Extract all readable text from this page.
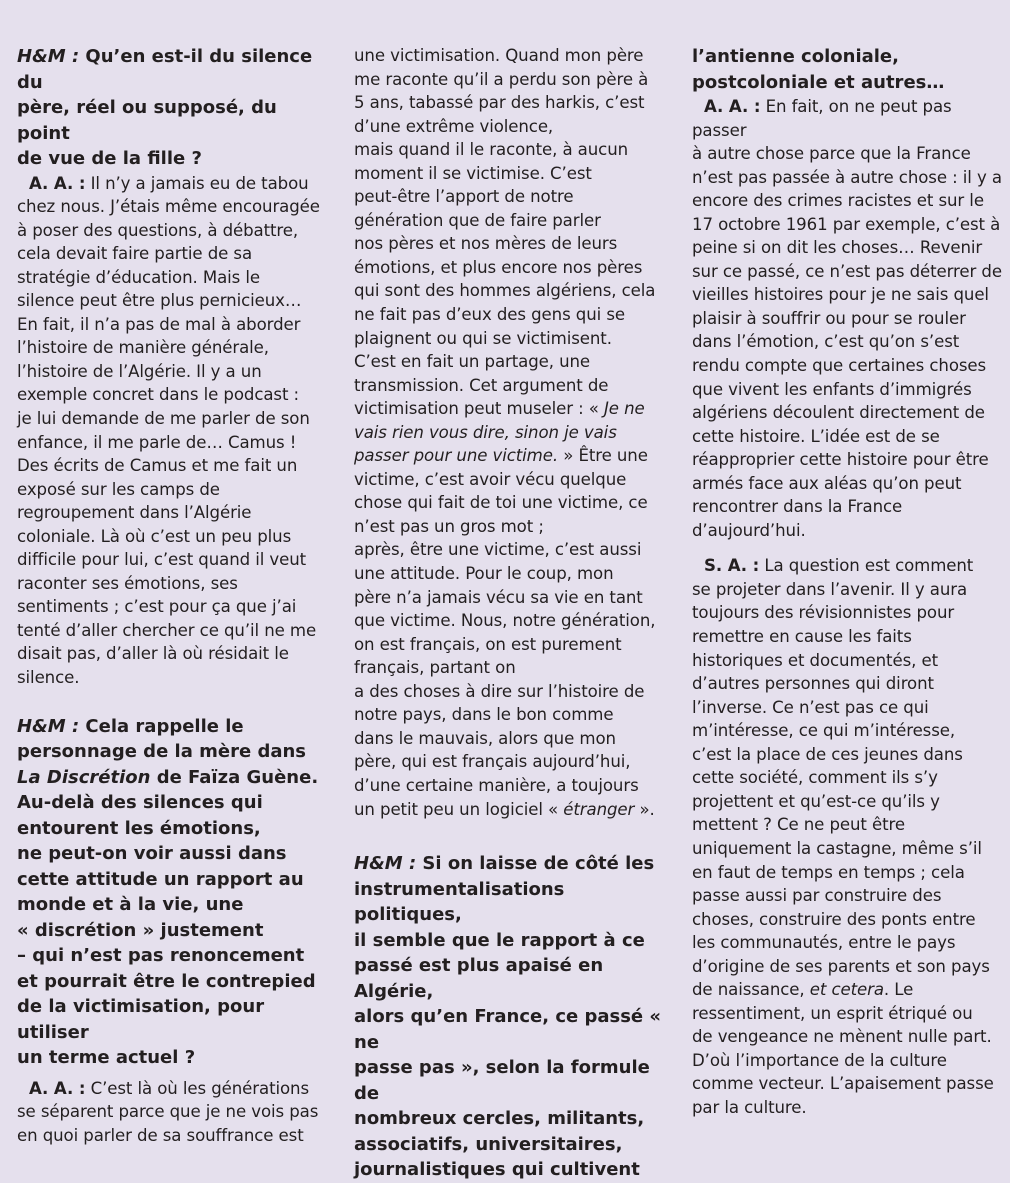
H&M : Qu’en est-il du silence du
père, réel ou supposé, du point
de vue de la fille ?

A. A. : Il n’y a jamais eu de tabou
chez nous. J’étais même encouragée
à poser des questions, à débattre,
cela devait faire partie de sa
stratégie d’éducation. Mais le
silence peut être plus pernicieux…
En fait, il n’a pas de mal à aborder
l’histoire de manière générale,
l’histoire de l’Algérie. Il y a un
exemple concret dans le podcast :
je lui demande de me parler de son
enfance, il me parle de… Camus !
Des écrits de Camus et me fait un
exposé sur les camps de
regroupement dans l’Algérie
coloniale. Là où c’est un peu plus
difficile pour lui, c’est quand il veut
raconter ses émotions, ses
sentiments ; c’est pour ça que j’ai
tenté d’aller chercher ce qu’il ne me
disait pas, d’aller là où résidait le
silence.

H&M : Cela rappelle le
personnage de la mère dans
La Discrétion de Faïza Guène.
Au-delà des silences qui
entourent les émotions,
ne peut-on voir aussi dans
cette attitude un rapport au
monde et à la vie, une
« discrétion » justement
– qui n’est pas renoncement
et pourrait être le contrepied
de la victimisation, pour utiliser
un terme actuel ?

A. A. : C’est là où les générations
se séparent parce que je ne vois pas
en quoi parler de sa souffrance est

une victimisation. Quand mon père
me raconte qu’il a perdu son père à
5 ans, tabassé par des harkis, c’est
d’une extrême violence,
mais quand il le raconte, à aucun
moment il se victimise. C’est
peut-être l’apport de notre
génération que de faire parler
nos pères et nos mères de leurs
émotions, et plus encore nos pères
qui sont des hommes algériens, cela
ne fait pas d’eux des gens qui se
plaignent ou qui se victimisent.
C’est en fait un partage, une
transmission. Cet argument de
victimisation peut museler : « Je ne
vais rien vous dire, sinon je vais
passer pour une victime. » Être une
victime, c’est avoir vécu quelque
chose qui fait de toi une victime, ce
n’est pas un gros mot ;
après, être une victime, c’est aussi
une attitude. Pour le coup, mon
père n’a jamais vécu sa vie en tant
que victime. Nous, notre génération,
on est français, on est purement
français, partant on
a des choses à dire sur l’histoire de
notre pays, dans le bon comme
dans le mauvais, alors que mon
père, qui est français aujourd’hui,
d’une certaine manière, a toujours
un petit peu un logiciel « étranger ».

H&M : Si on laisse de côté les
instrumentalisations politiques,
il semble que le rapport à ce
passé est plus apaisé en Algérie,
alors qu’en France, ce passé « ne
passe pas », selon la formule de
nombreux cercles, militants,
associatifs, universitaires,
journalistiques qui cultivent

l’antienne coloniale,
postcoloniale et autres…

A. A. : En fait, on ne peut pas passer
à autre chose parce que la France
n’est pas passée à autre chose : il y a
encore des crimes racistes et sur le
17 octobre 1961 par exemple, c’est à
peine si on dit les choses… Revenir
sur ce passé, ce n’est pas déterrer de
vieilles histoires pour je ne sais quel
plaisir à souffrir ou pour se rouler
dans l’émotion, c’est qu’on s’est
rendu compte que certaines choses
que vivent les enfants d’immigrés
algériens découlent directement de
cette histoire. L’idée est de se
réapproprier cette histoire pour être
armés face aux aléas qu’on peut
rencontrer dans la France
d’aujourd’hui.

S. A. : La question est comment
se projeter dans l’avenir. Il y aura
toujours des révisionnistes pour
remettre en cause les faits
historiques et documentés, et
d’autres personnes qui diront
l’inverse. Ce n’est pas ce qui
m’intéresse, ce qui m’intéresse,
c’est la place de ces jeunes dans
cette société, comment ils s’y
projettent et qu’est-ce qu’ils y
mettent ? Ce ne peut être
uniquement la castagne, même s’il
en faut de temps en temps ; cela
passe aussi par construire des
choses, construire des ponts entre
les communautés, entre le pays
d’origine de ses parents et son pays
de naissance, et cetera. Le
ressentiment, un esprit étriqué ou
de vengeance ne mènent nulle part.
D’où l’importance de la culture
comme vecteur. L’apaisement passe
par la culture.
